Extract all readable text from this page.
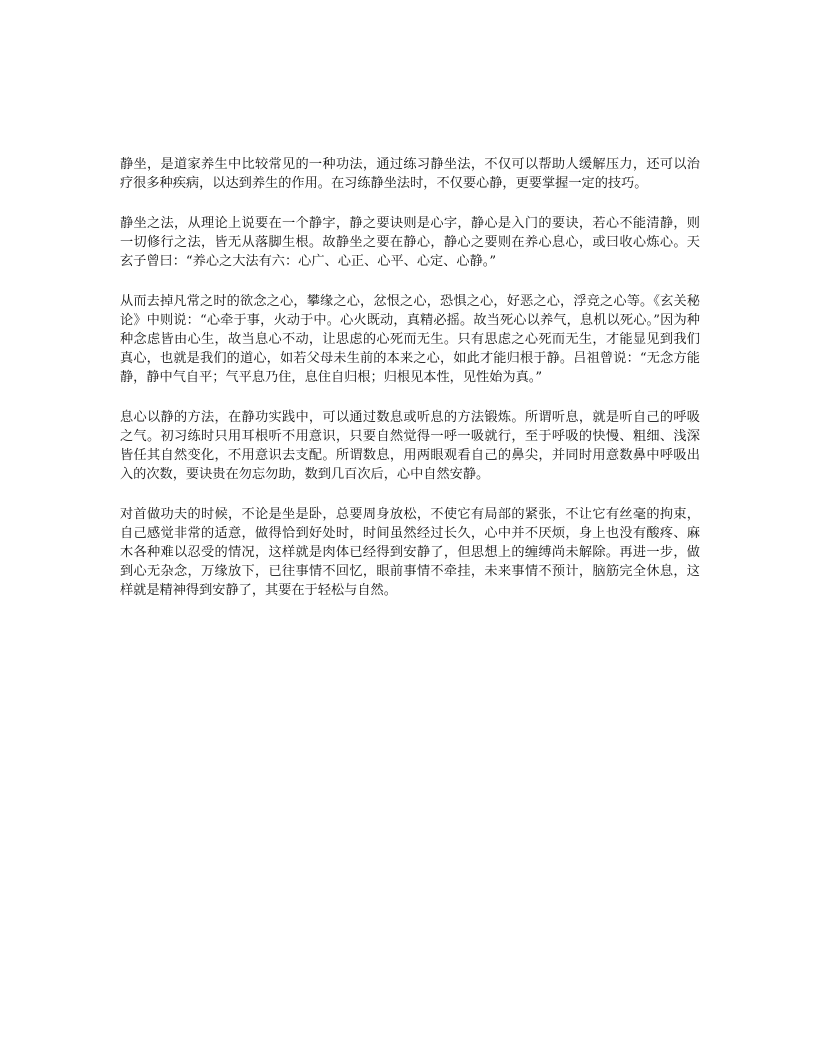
静坐，是道家养生中比较常见的一种功法，通过练习静坐法，不仅可以帮助人缓解压力，还可以治疗很多种疾病，以达到养生的作用。在习练静坐法时，不仅要心静，更要掌握一定的技巧。

静坐之法，从理论上说要在一个静字，静之要诀则是心字，静心是入门的要诀，若心不能清静，则一切修行之法，皆无从落脚生根。故静坐之要在静心，静心之要则在养心息心，或曰收心炼心。天玄子曾曰：“养心之大法有六：心广、心正、心平、心定、心静。”

从而去掉凡常之时的欲念之心，攀缘之心，忿恨之心，恐惧之心，好恶之心，浮竞之心等。《玄关秘论》中则说：“心牵于事，火动于中。心火既动，真精必摇。故当死心以养气，息机以死心。”因为种种念虑皆由心生，故当息心不动，让思虑的心死而无生。只有思虑之心死而无生，才能显见到我们真心，也就是我们的道心，如若父母未生前的本来之心，如此才能归根于静。吕祖曾说：“无念方能静，静中气自平；气平息乃住，息住自归根；归根见本性，见性始为真。”

息心以静的方法，在静功实践中，可以通过数息或听息的方法锻炼。所谓听息，就是听自己的呼吸之气。初习练时只用耳根听不用意识，只要自然觉得一呼一吸就行，至于呼吸的快慢、粗细、浅深皆任其自然变化，不用意识去支配。所谓数息，用两眼观看自己的鼻尖，并同时用意数鼻中呼吸出入的次数，要诀贵在勿忘勿助，数到几百次后，心中自然安静。

对首做功夫的时候，不论是坐是卧，总要周身放松，不使它有局部的紧张，不让它有丝毫的拘束，自己感觉非常的适意，做得恰到好处时，时间虽然经过长久，心中并不厌烦，身上也没有酸疼、麻木各种难以忍受的情况，这样就是肉体已经得到安静了，但思想上的缠缚尚未解除。再进一步，做到心无杂念，万缘放下，已往事情不回忆，眼前事情不牵挂，未来事情不预计，脑筋完全休息，这样就是精神得到安静了，其要在于轻松与自然。
